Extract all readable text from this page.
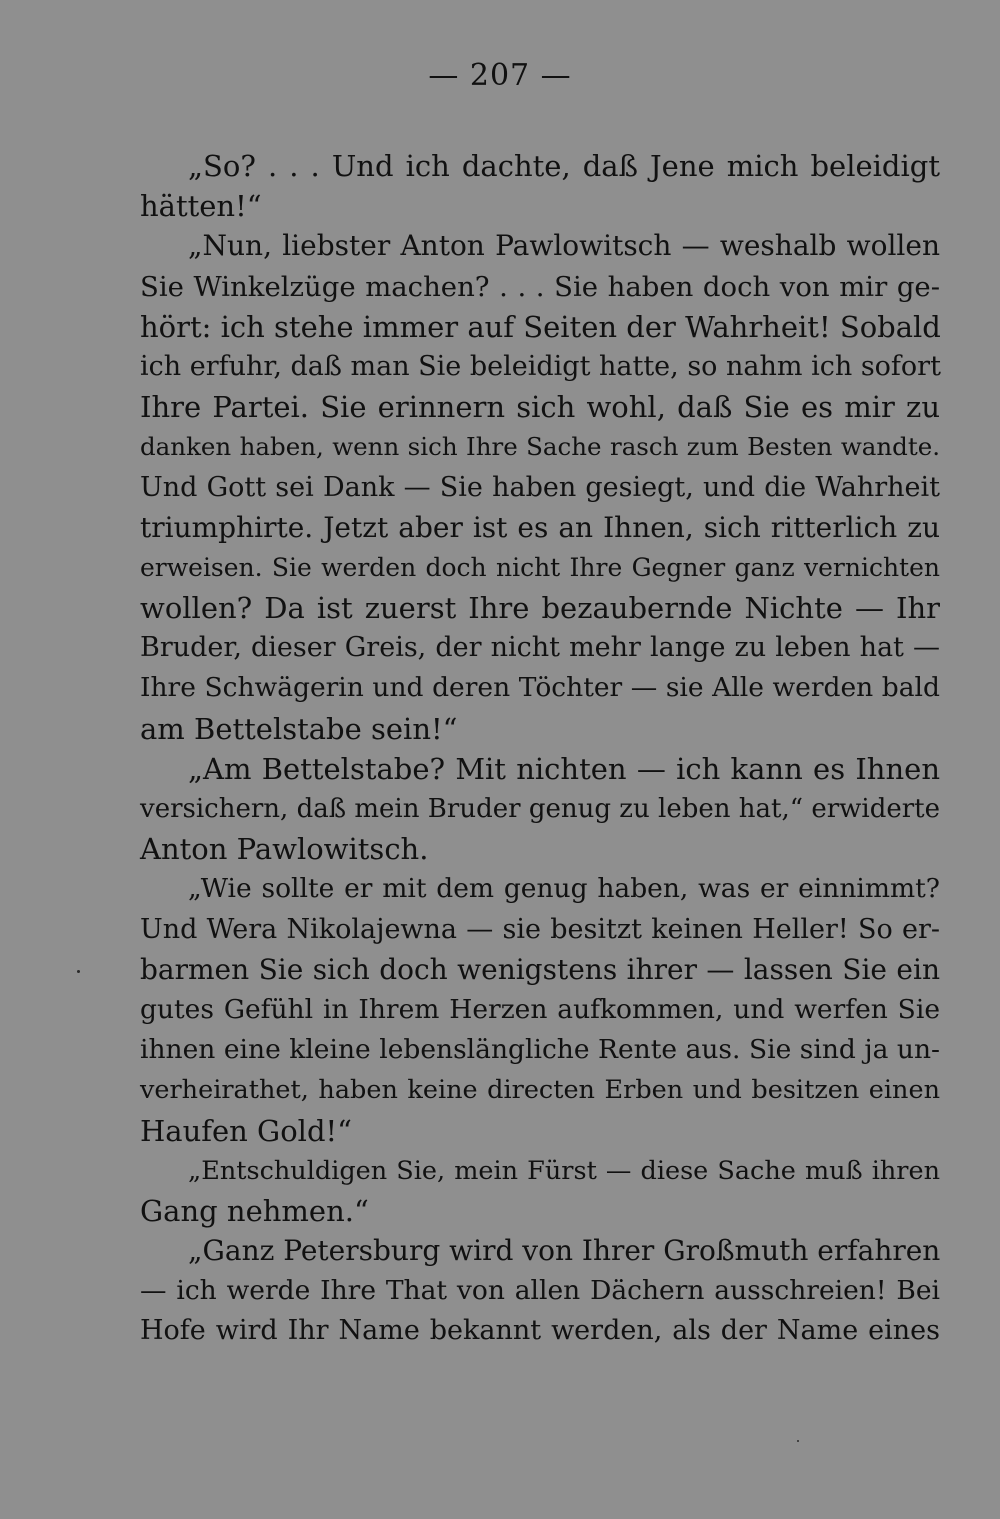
— 207 —
„So? . . . Und ich dachte, daß Jene mich beleidigt
hätten!“
„Nun, liebster Anton Pawlowitsch — weshalb wollen
Sie Winkelzüge machen? . . . Sie haben doch von mir ge-
hört: ich stehe immer auf Seiten der Wahrheit! Sobald
ich erfuhr, daß man Sie beleidigt hatte, so nahm ich sofort
Ihre Partei. Sie erinnern sich wohl, daß Sie es mir zu
danken haben, wenn sich Ihre Sache rasch zum Besten wandte.
Und Gott sei Dank — Sie haben gesiegt, und die Wahrheit
triumphirte. Jetzt aber ist es an Ihnen, sich ritterlich zu
erweisen. Sie werden doch nicht Ihre Gegner ganz vernichten
wollen? Da ist zuerst Ihre bezaubernde Nichte — Ihr
Bruder, dieser Greis, der nicht mehr lange zu leben hat —
Ihre Schwägerin und deren Töchter — sie Alle werden bald
am Bettelstabe sein!“
„Am Bettelstabe? Mit nichten — ich kann es Ihnen
versichern, daß mein Bruder genug zu leben hat,“ erwiderte
Anton Pawlowitsch.
„Wie sollte er mit dem genug haben, was er einnimmt?
Und Wera Nikolajewna — sie besitzt keinen Heller! So er-
barmen Sie sich doch wenigstens ihrer — lassen Sie ein
gutes Gefühl in Ihrem Herzen aufkommen, und werfen Sie
ihnen eine kleine lebenslängliche Rente aus. Sie sind ja un-
verheirathet, haben keine directen Erben und besitzen einen
Haufen Gold!“
„Entschuldigen Sie, mein Fürst — diese Sache muß ihren
Gang nehmen.“
„Ganz Petersburg wird von Ihrer Großmuth erfahren
— ich werde Ihre That von allen Dächern ausschreien! Bei
Hofe wird Ihr Name bekannt werden, als der Name eines
